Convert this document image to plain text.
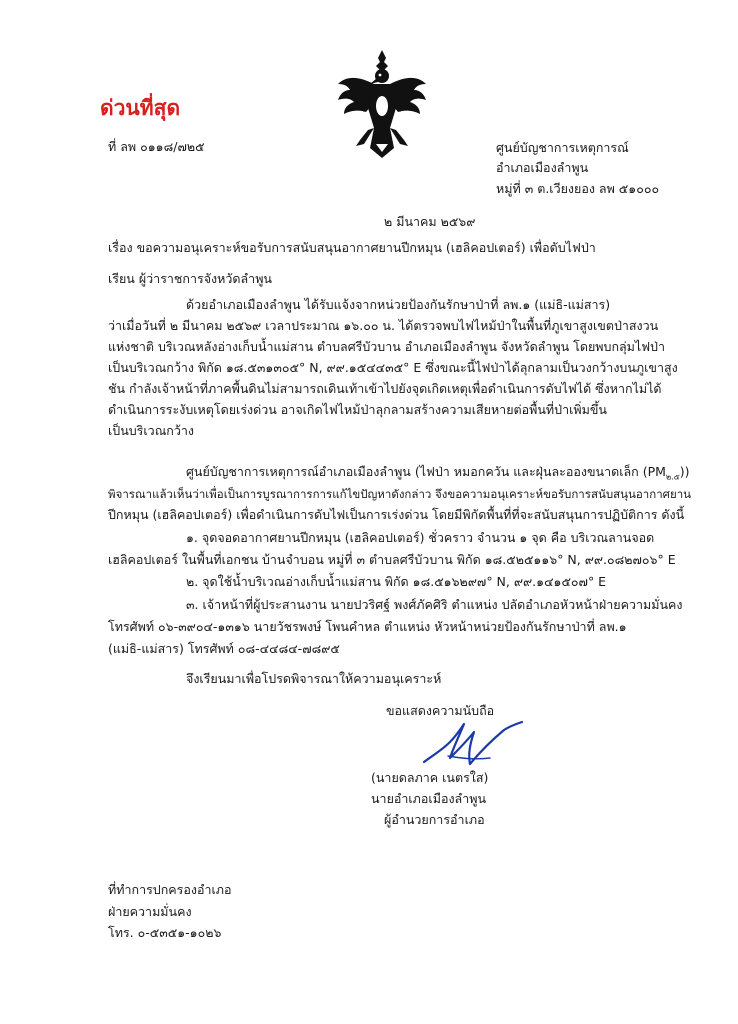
ด่วนที่สุด
ที่ ลพ ๐๑๑๘/๗๒๕	ศูนย์บัญชาการเหตุการณ์
อำเภอเมืองลำพูน
หมู่ที่ ๓ ต.เวียงยอง ลพ ๕๑๐๐๐
๒ มีนาคม ๒๕๖๙
เรื่อง ขอความอนุเคราะห์ขอรับการสนับสนุนอากาศยานปีกหมุน (เฮลิคอปเตอร์) เพื่อดับไฟป่า
เรียน ผู้ว่าราชการจังหวัดลำพูน
ด้วยอำเภอเมืองลำพูน ได้รับแจ้งจากหน่วยป้องกันรักษาป่าที่ ลพ.๑ (แม่ธิ-แม่สาร)
ว่าเมื่อวันที่ ๒ มีนาคม ๒๕๖๙ เวลาประมาณ ๑๖.๐๐ น. ได้ตรวจพบไฟไหม้ป่าในพื้นที่ภูเขาสูงเขตป่าสงวน
แห่งชาติ บริเวณหลังอ่างเก็บน้ำแม่สาน ตำบลศรีบัวบาน อำเภอเมืองลำพูน จังหวัดลำพูน โดยพบกลุ่มไฟป่า
เป็นบริเวณกว้าง พิกัด ๑๘.๕๓๑๓๐๕° N, ๙๙.๑๕๔๔๓๕° E ซึ่งขณะนี้ไฟป่าได้ลุกลามเป็นวงกว้างบนภูเขาสูง
ชัน กำลังเจ้าหน้าที่ภาคพื้นดินไม่สามารถเดินเท้าเข้าไปยังจุดเกิดเหตุเพื่อดำเนินการดับไฟได้ ซึ่งหากไม่ได้
ดำเนินการระงับเหตุโดยเร่งด่วน อาจเกิดไฟไหม้ป่าลุกลามสร้างความเสียหายต่อพื้นที่ป่าเพิ่มขึ้น
เป็นบริเวณกว้าง
ศูนย์บัญชาการเหตุการณ์อำเภอเมืองลำพูน (ไฟป่า หมอกควัน และฝุ่นละอองขนาดเล็ก $(PM_{๒.๕})$)
พิจารณาแล้วเห็นว่าเพื่อเป็นการบูรณาการการแก้ไขปัญหาดังกล่าว จึงขอความอนุเคราะห์ขอรับการสนับสนุนอากาศยาน
ปีกหมุน (เฮลิคอปเตอร์) เพื่อดำเนินการดับไฟเป็นการเร่งด่วน โดยมีพิกัดพื้นที่ที่จะสนับสนุนการปฏิบัติการ ดังนี้
๑. จุดจอดอากาศยานปีกหมุน (เฮลิคอปเตอร์) ชั่วคราว จำนวน ๑ จุด คือ บริเวณลานจอด
เฮลิคอปเตอร์ ในพื้นที่เอกชน บ้านจำบอน หมู่ที่ ๓ ตำบลศรีบัวบาน พิกัด ๑๘.๕๒๕๑๑๖° N, ๙๙.๐๘๒๗๐๖° E
๒. จุดใช้น้ำบริเวณอ่างเก็บน้ำแม่สาน พิกัด ๑๘.๕๑๖๒๙๗° N, ๙๙.๑๔๑๕๐๗° E
๓. เจ้าหน้าที่ผู้ประสานงาน นายปวริศฐ์ พงศ์ภัคศิริ ตำแหน่ง ปลัดอำเภอหัวหน้าฝ่ายความมั่นคง
โทรศัพท์ ๐๖-๓๙๐๔-๑๓๑๖ นายวัชรพงษ์ โพนคำหล ตำแหน่ง หัวหน้าหน่วยป้องกันรักษาป่าที่ ลพ.๑
(แม่ธิ-แม่สาร) โทรศัพท์ ๐๘-๔๔๘๔-๗๘๙๕
จึงเรียนมาเพื่อโปรดพิจารณาให้ความอนุเคราะห์
ขอแสดงความนับถือ
(นายดลภาค เนตรใส)
นายอำเภอเมืองลำพูน
ผู้อำนวยการอำเภอ
ที่ทำการปกครองอำเภอ
ฝ่ายความมั่นคง
โทร. ๐-๕๓๕๑-๑๐๒๖
